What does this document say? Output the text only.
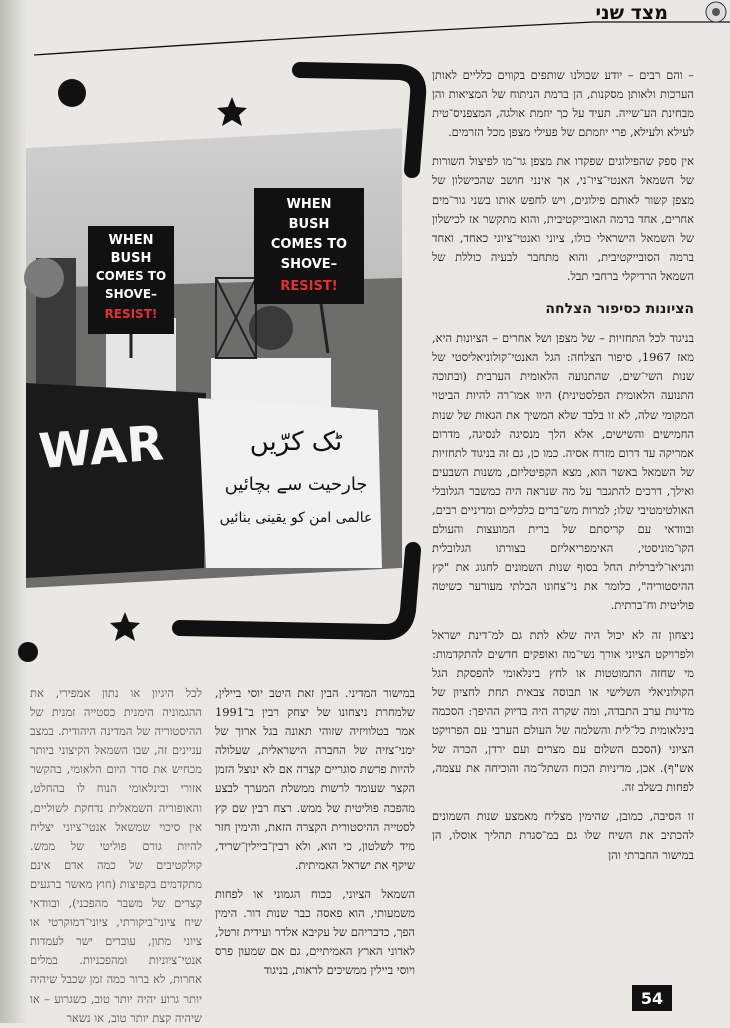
מצד שני
WHEN
BUSH
COMES TO
SHOVE–
RESIST!
WHEN
BUSH
COMES TO
SHOVE–
RESIST!
WAR	ٹک کرّیں
جارحیت سے بچائیں
عالمی امن کو یقینی بنائیں

– והם רבים – יודע שכולנו שותפים בקווים כלליים לאותן הערכות ולאותן מסקנות, הן ברמת הניתוח של המציאות והן מבחינת הע־שייה. תעיד על כך יוזמת אולגה, המצפניס־טית לעילא ולעילא, פרי יוזמתם של פעילי מצפן מכל הזרמים.

אין ספק שהפילוגים שפקדו את מצפן גר־מו לפיצול השורות של השמאל האנטי־ציו־ני, אך אינני חושב שהכישלון של מצפן קשור לאותם פילוגים, ויש לחפש אותו בשני גור־מים אחרים, אחד ברמה האובייקטיבית, והוא מתקשר אז לכישלון של השמאל הישראלי כולו, ציוני ואנטי־ציוני כאחד, ואחד ברמה הסובייקטיבית, והוא מתחבר לבעיה כוללת של השמאל הרדיקלי ברחבי תבל.

הציונות כסיפור הצלחה

בניגוד לכל התחזיות – של מצפן ושל אחרים – הציונות היא, מאז 1967, סיפור הצלחה: הגל האנטי־קולוניאליסטי של שנות השי־שים, שהתנועה הלאומית הערבית (ובתוכה התנועה הלאומית הפלסטינית) היוו אמו־רה להיות הביטוי המקומי שלה, לא זו בלבד שלא המשיך את הגאות של שנות החמישים והשישים, אלא הלך מנסיגה לנסיגה, מדרום אמריקה עד דרום מזרח אסיה. כמו כן, גם זה בניגוד לתחזיות של השמאל באשר הוא, מצא הקפיטליזם, משנות השבעים ואילך, דרכים להתגבר על מה שנראה היה כמשבר הגלובלי האולטימטיבי שלו; למרות מש־ברים כלכליים ומדיניים רבים, ובוודאי עם קריסתם של ברית המועצות והעולם הקו־מוניסטי, האימפריאליזם בצורתו הגלובלית והניאו־ליברלית החל בסוף שנות השמונים לחגוג את "קץ ההיסטוריה", כלומר את ני־צחונו הבלתי מעורער כשיטה פוליטית וח־ברתית.

ניצחון זה לא יכול היה שלא לתת גם למ־דינת ישראל ולפרויקט הציוני אורך נשי־מה ואופקים חדשים להתקדמות: מי שחזה התמוטטות או לחץ בינלאומי להפסקת הגל הקולוניאלי השלישי או תבוסה צבאית תחת לחציון של מדינות ערב התבדה, ומה שקרה היה בדיוק ההיפך: הסכמה בינלאומית כל־לית והשלמה של העולם הערבי עם הפרויקט הציוני (הסכם השלום עם מצרים ועם ירדן, הכרה של אש"ף). אכן, מדיניות הכוח השתל־מה והוכיחה את עצמה, לפחות בשלב זה.

זו הסיבה, כמובן, שהימין מצליח מאמצע שנות השמונים להכתיב את השיח שלו גם במ־סגרת תהליך אוסלו, הן במישור החברתי והן

במישור המדיני. הבין זאת היטב יוסי ביילין, שלמחרת ניצחונו של יצחק רבין ב־1991 אמר בטלוויזיה שזוהי תאונה בגל ארוך של ימני־צזיה של החברה הישראלית, שעלולה להיות פרשת סוגריים קצרה אם לא ינוצל הזמן הקצר שעומד לרשות ממשלת המערך לבצע מהפכה פוליטית של ממש. רצח רבין שם קץ לסטייה ההיסטורית הקצרה הזאת, והימין חזר מיד לשלטון, כי הוא, ולא רבין־ביילין־שריד, שיקף את ישראל האמיתית.

השמאל הציוני, ככוח הגמוני או לפחות משמעותי, הוא פאסה כבר שנות דור. הימין הפך, כדבריהם של עקיבא אלדר ועידית זרטל, לאדוני הארץ האמיתיים, גם אם שמעון פרס ויוסי ביילין ממשיכים לראות, בניגוד

לכל היגיון או נתון אמפירי, את ההגמוניה הימנית כסטייה זמנית של ההיסטוריה של המדינה היהודית. במצב עניינים זה, שבו השמאל הקיצוני ביותר מכחיש את סדר היום הלאומי, בהקשר אזורי ובינלאומי הנוח לו בהחלט, והאופוריה השמאלית נדחקת לשוליים, אין סיכוי שמשאל אנטי־ציוני יצליח להיות גורם פוליטי של ממש. קולקטיבים של כמה אדם אינם מתקדמים בקפיצות (חוץ מאשר ברגעים קצרים של משבר מהפכני), ובוודאי שיח ציוני־ביקורתי, ציוני־דמוקרטי או ציוני מתון, עוברים ישר לעמדות אנטי־ציוניות ומהפכניות. במלים אחרות, לא ברור כמה זמן שכבל שיהיה יותר גרוע יהיה יותר טוב, כשגרוע – או שיהיה קצת יותר טוב, או נשאר

54
